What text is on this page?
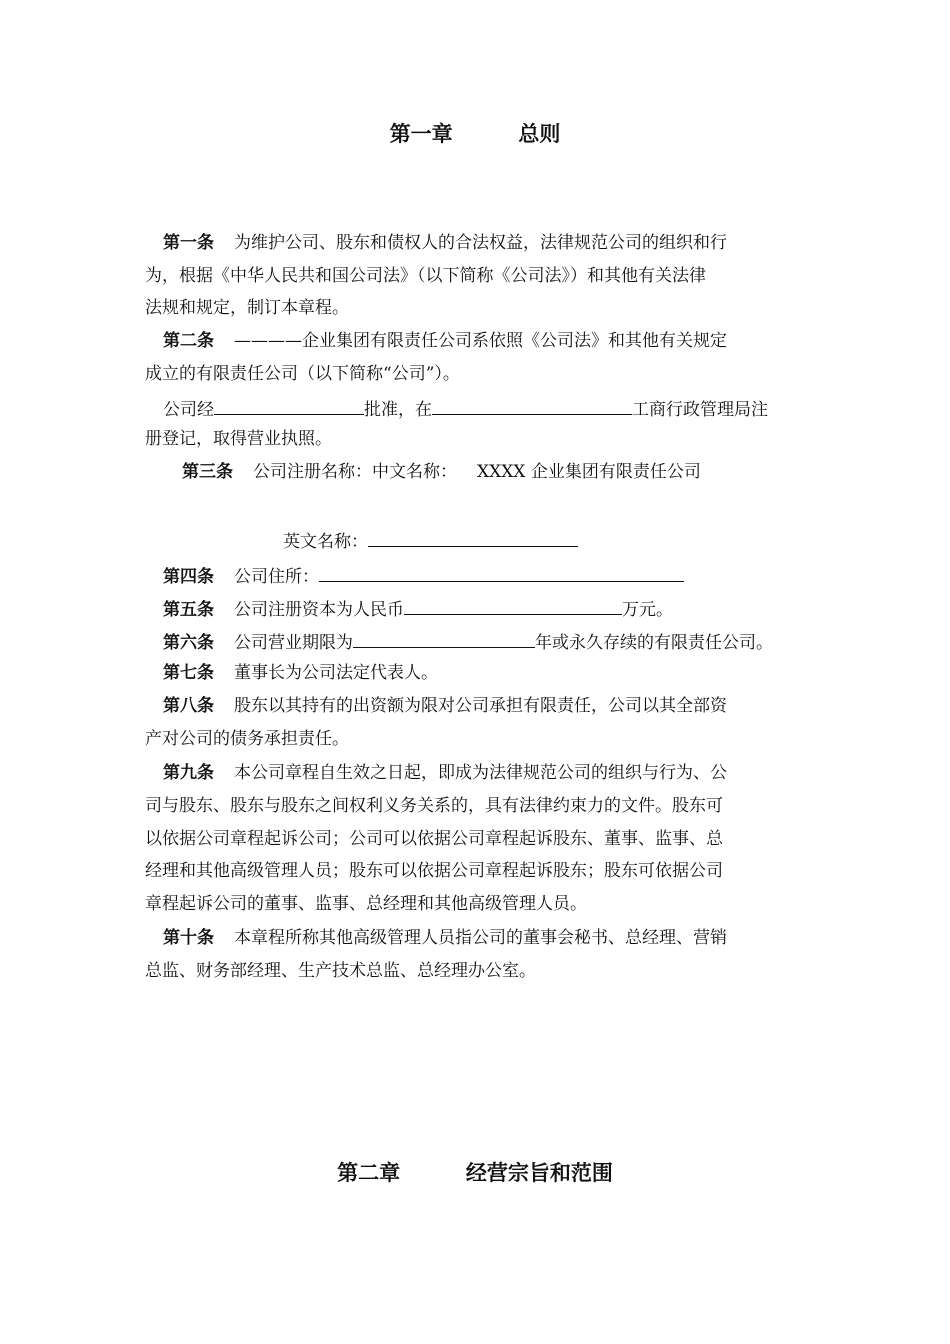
第一章	总则
第一条 为维护公司、股东和债权人的合法权益，法律规范公司的组织和行
为，根据《中华人民共和国公司法》（以下简称《公司法》）和其他有关法律
法规和规定，制订本章程。
第二条 ————企业集团有限责任公司系依照《公司法》和其他有关规定
成立的有限责任公司（以下简称“公司”）。
公司经	批准，在	工商行政管理局注
册登记，取得营业执照。
第三条 公司注册名称：中文名称： XXXX 企业集团有限责任公司
英文名称：
第四条 公司住所：
第五条 公司注册资本为人民币	万元。
第六条 公司营业期限为	年或永久存续的有限责任公司。
第七条 董事长为公司法定代表人。
第八条 股东以其持有的出资额为限对公司承担有限责任，公司以其全部资
产对公司的债务承担责任。
第九条 本公司章程自生效之日起，即成为法律规范公司的组织与行为、公
司与股东、股东与股东之间权利义务关系的，具有法律约束力的文件。股东可
以依据公司章程起诉公司；公司可以依据公司章程起诉股东、董事、监事、总
经理和其他高级管理人员；股东可以依据公司章程起诉股东；股东可依据公司
章程起诉公司的董事、监事、总经理和其他高级管理人员。
第十条 本章程所称其他高级管理人员指公司的董事会秘书、总经理、营销
总监、财务部经理、生产技术总监、总经理办公室。
第二章	经营宗旨和范围
